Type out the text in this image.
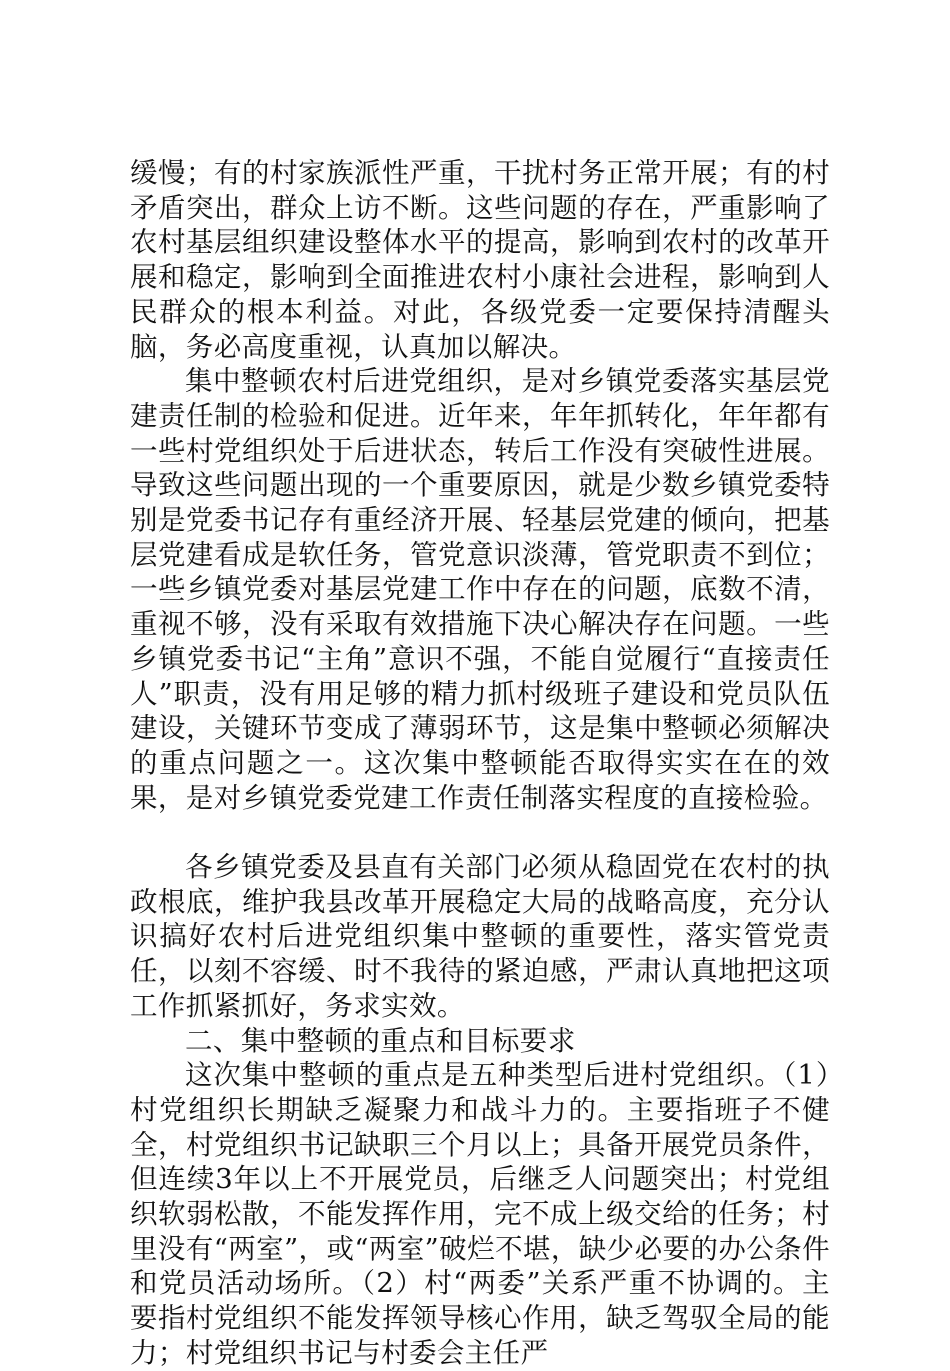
缓慢；有的村家族派性严重，干扰村务正常开展；有的村矛盾突出，群众上访不断。这些问题的存在，严重影响了农村基层组织建设整体水平的提高，影响到农村的改革开展和稳定，影响到全面推进农村小康社会进程，影响到人民群众的根本利益。对此，各级党委一定要保持清醒头脑，务必高度重视，认真加以解决。

集中整顿农村后进党组织，是对乡镇党委落实基层党建责任制的检验和促进。近年来，年年抓转化，年年都有一些村党组织处于后进状态，转后工作没有突破性进展。导致这些问题出现的一个重要原因，就是少数乡镇党委特别是党委书记存有重经济开展、轻基层党建的倾向，把基层党建看成是软任务，管党意识淡薄，管党职责不到位；一些乡镇党委对基层党建工作中存在的问题，底数不清，重视不够，没有采取有效措施下决心解决存在问题。一些乡镇党委书记“主角”意识不强，不能自觉履行“直接责任人”职责，没有用足够的精力抓村级班子建设和党员队伍建设，关键环节变成了薄弱环节，这是集中整顿必须解决的重点问题之一。这次集中整顿能否取得实实在在的效果，是对乡镇党委党建工作责任制落实程度的直接检验。

各乡镇党委及县直有关部门必须从稳固党在农村的执政根底，维护我县改革开展稳定大局的战略高度，充分认识搞好农村后进党组织集中整顿的重要性，落实管党责任，以刻不容缓、时不我待的紧迫感，严肃认真地把这项工作抓紧抓好，务求实效。

二、集中整顿的重点和目标要求

这次集中整顿的重点是五种类型后进村党组织。（1）村党组织长期缺乏凝聚力和战斗力的。主要指班子不健全，村党组织书记缺职三个月以上；具备开展党员条件，但连续3年以上不开展党员，后继乏人问题突出；村党组织软弱松散，不能发挥作用，完不成上级交给的任务；村里没有“两室”，或“两室”破烂不堪，缺少必要的办公条件和党员活动场所。（2）村“两委”关系严重不协调的。主要指村党组织不能发挥领导核心作用，缺乏驾驭全局的能力；村党组织书记与村委会主任严
